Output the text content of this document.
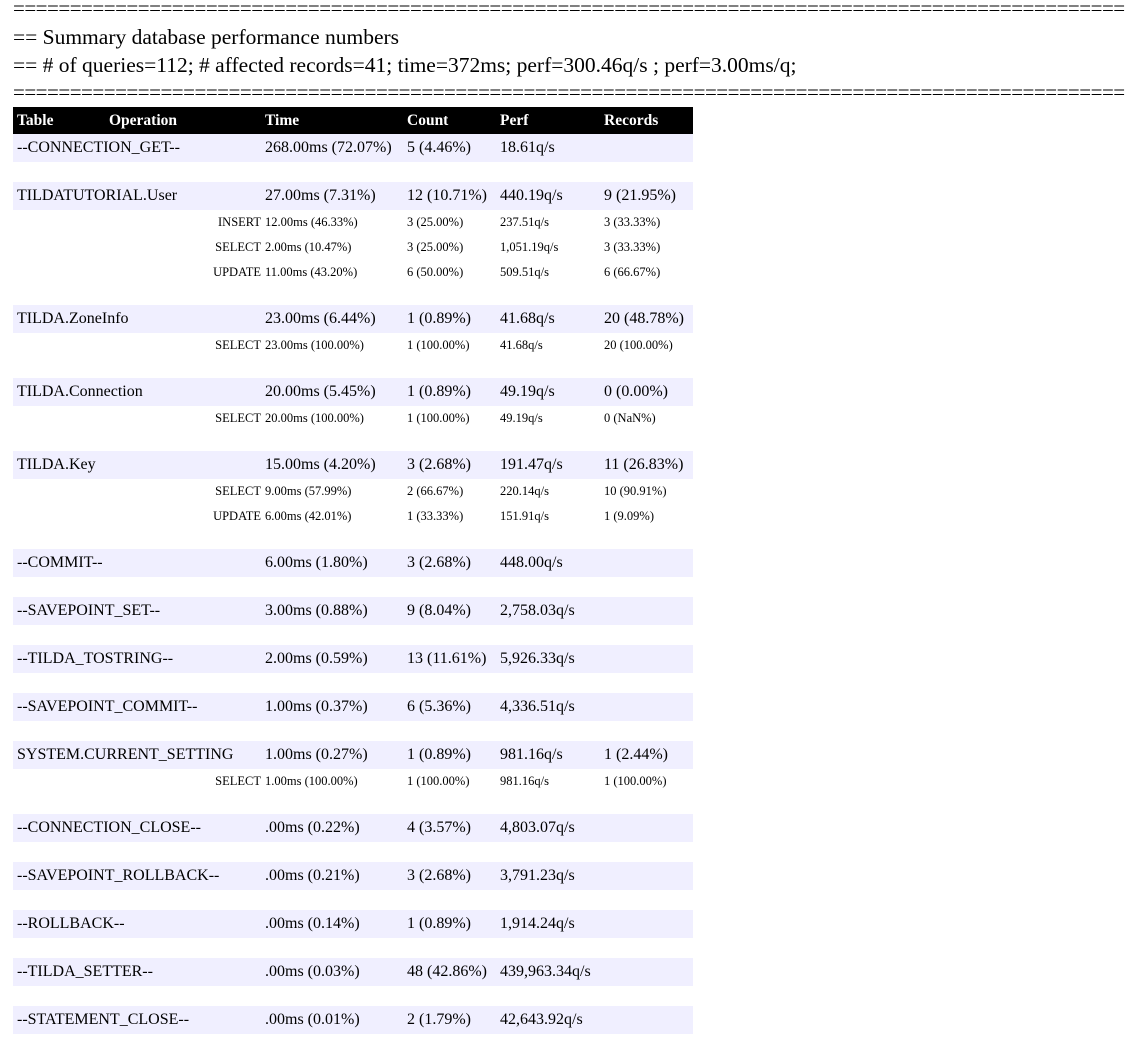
==================================================================================================
== Summary database performance numbers
== # of queries=112; # affected records=41; time=372ms; perf=300.46q/s ; perf=3.00ms/q;
==================================================================================================
Table	Operation	Time	Count	Perf	Records
--CONNECTION_GET--		268.00ms (72.07%)	5 (4.46%)	18.61q/s	

TILDATUTORIAL.User		27.00ms (7.31%)	12 (10.71%)	440.19q/s	9 (21.95%)
	INSERT	12.00ms (46.33%)	3 (25.00%)	237.51q/s	3 (33.33%)
	SELECT	2.00ms (10.47%)	3 (25.00%)	1,051.19q/s	3 (33.33%)
	UPDATE	11.00ms (43.20%)	6 (50.00%)	509.51q/s	6 (66.67%)

TILDA.ZoneInfo		23.00ms (6.44%)	1 (0.89%)	41.68q/s	20 (48.78%)
	SELECT	23.00ms (100.00%)	1 (100.00%)	41.68q/s	20 (100.00%)

TILDA.Connection		20.00ms (5.45%)	1 (0.89%)	49.19q/s	0 (0.00%)
	SELECT	20.00ms (100.00%)	1 (100.00%)	49.19q/s	0 (NaN%)

TILDA.Key		15.00ms (4.20%)	3 (2.68%)	191.47q/s	11 (26.83%)
	SELECT	9.00ms (57.99%)	2 (66.67%)	220.14q/s	10 (90.91%)
	UPDATE	6.00ms (42.01%)	1 (33.33%)	151.91q/s	1 (9.09%)

--COMMIT--		6.00ms (1.80%)	3 (2.68%)	448.00q/s	

--SAVEPOINT_SET--		3.00ms (0.88%)	9 (8.04%)	2,758.03q/s	

--TILDA_TOSTRING--		2.00ms (0.59%)	13 (11.61%)	5,926.33q/s	

--SAVEPOINT_COMMIT--		1.00ms (0.37%)	6 (5.36%)	4,336.51q/s	

SYSTEM.CURRENT_SETTING		1.00ms (0.27%)	1 (0.89%)	981.16q/s	1 (2.44%)
	SELECT	1.00ms (100.00%)	1 (100.00%)	981.16q/s	1 (100.00%)

--CONNECTION_CLOSE--		.00ms (0.22%)	4 (3.57%)	4,803.07q/s	

--SAVEPOINT_ROLLBACK--		.00ms (0.21%)	3 (2.68%)	3,791.23q/s	

--ROLLBACK--		.00ms (0.14%)	1 (0.89%)	1,914.24q/s	

--TILDA_SETTER--		.00ms (0.03%)	48 (42.86%)	439,963.34q/s	

--STATEMENT_CLOSE--		.00ms (0.01%)	2 (1.79%)	42,643.92q/s	
